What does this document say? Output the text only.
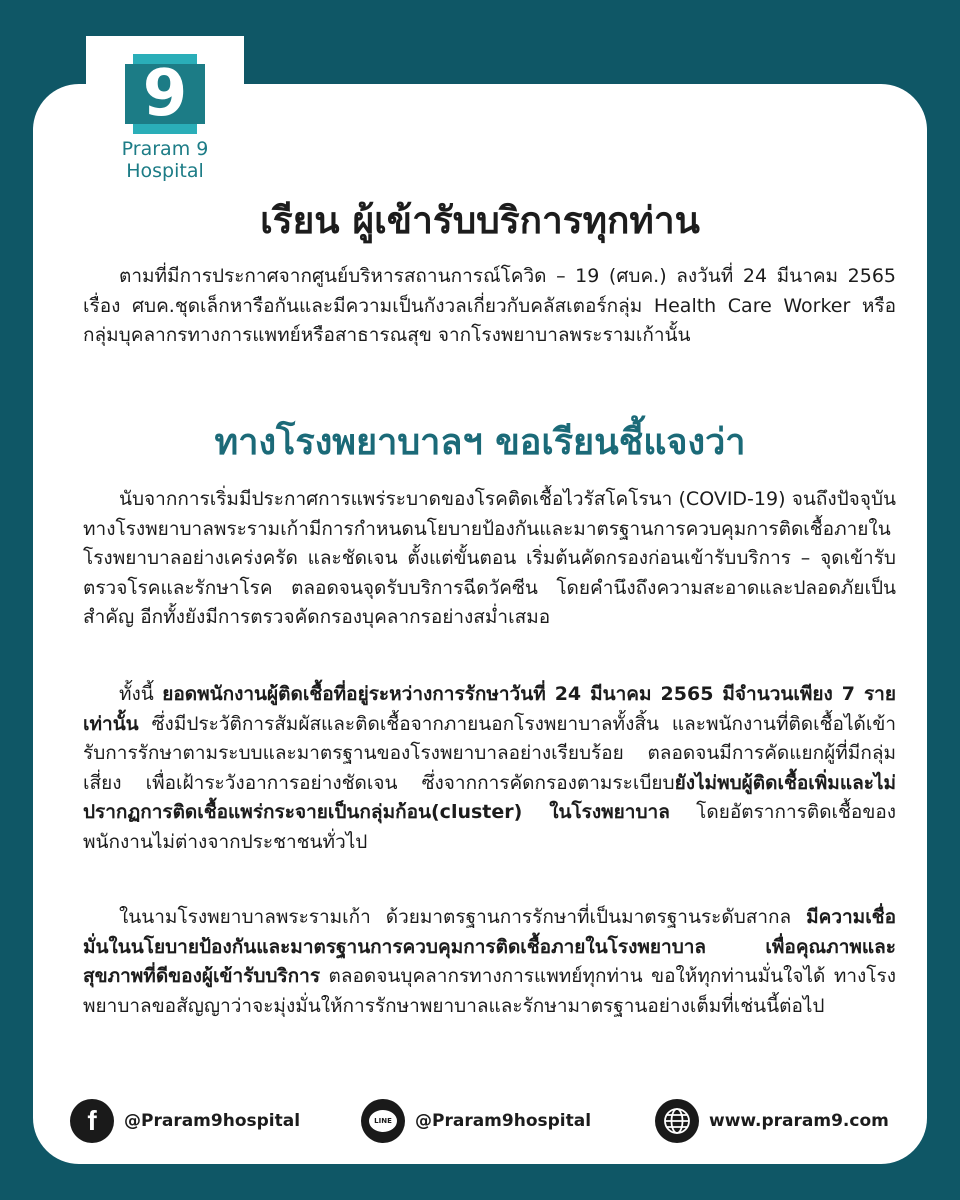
9
Praram 9
Hospital
เรียน ผู้เข้ารับบริการทุกท่าน

ตามที่มีการประกาศจากศูนย์บริหารสถานการณ์โควิด – 19 (ศบค.) ลงวันที่ 24 มีนาคม 2565 เรื่อง ศบค.ชุดเล็กหารือกันและมีความเป็นกังวลเกี่ยวกับคลัสเตอร์กลุ่ม Health Care Worker หรือกลุ่มบุคลากรทางการแพทย์หรือสาธารณสุข จากโรงพยาบาลพระรามเก้านั้น

ทางโรงพยาบาลฯ ขอเรียนชี้แจงว่า

นับจากการเริ่มมีประกาศการแพร่ระบาดของโรคติดเชื้อไวรัสโคโรนา (COVID-19) จนถึงปัจจุบัน ทางโรงพยาบาลพระรามเก้ามีการกำหนดนโยบายป้องกันและมาตรฐานการควบคุมการติดเชื้อภายในโรงพยาบาลอย่างเคร่งครัด และชัดเจน ตั้งแต่ขั้นตอน เริ่มต้นคัดกรองก่อนเข้ารับบริการ – จุดเข้ารับตรวจโรคและรักษาโรค ตลอดจนจุดรับบริการฉีดวัคซีน โดยคำนึงถึงความสะอาดและปลอดภัยเป็นสำคัญ อีกทั้งยังมีการตรวจคัดกรองบุคลากรอย่างสม่ำเสมอ

ทั้งนี้ ยอดพนักงานผู้ติดเชื้อที่อยู่ระหว่างการรักษาวันที่ 24 มีนาคม 2565 มีจำนวนเพียง 7 รายเท่านั้น ซึ่งมีประวัติการสัมผัสและติดเชื้อจากภายนอกโรงพยาบาลทั้งสิ้น และพนักงานที่ติดเชื้อได้เข้ารับการรักษาตามระบบและมาตรฐานของโรงพยาบาลอย่างเรียบร้อย ตลอดจนมีการคัดแยกผู้ที่มีกลุ่มเสี่ยง เพื่อเฝ้าระวังอาการอย่างชัดเจน ซึ่งจากการคัดกรองตามระเบียบยังไม่พบผู้ติดเชื้อเพิ่มและไม่ปรากฏการติดเชื้อแพร่กระจายเป็นกลุ่มก้อน(cluster) ในโรงพยาบาล โดยอัตราการติดเชื้อของพนักงานไม่ต่างจากประชาชนทั่วไป

ในนามโรงพยาบาลพระรามเก้า ด้วยมาตรฐานการรักษาที่เป็นมาตรฐานระดับสากล มีความเชื่อมั่นในนโยบายป้องกันและมาตรฐานการควบคุมการติดเชื้อภายในโรงพยาบาล เพื่อคุณภาพและสุขภาพที่ดีของผู้เข้ารับบริการ ตลอดจนบุคลากรทางการแพทย์ทุกท่าน ขอให้ทุกท่านมั่นใจได้ ทางโรงพยาบาลขอสัญญาว่าจะมุ่งมั่นให้การรักษาพยาบาลและรักษามาตรฐานอย่างเต็มที่เช่นนี้ต่อไป

f @Praram9hospital	LINE	@Praram9hospital	www.praram9.com
